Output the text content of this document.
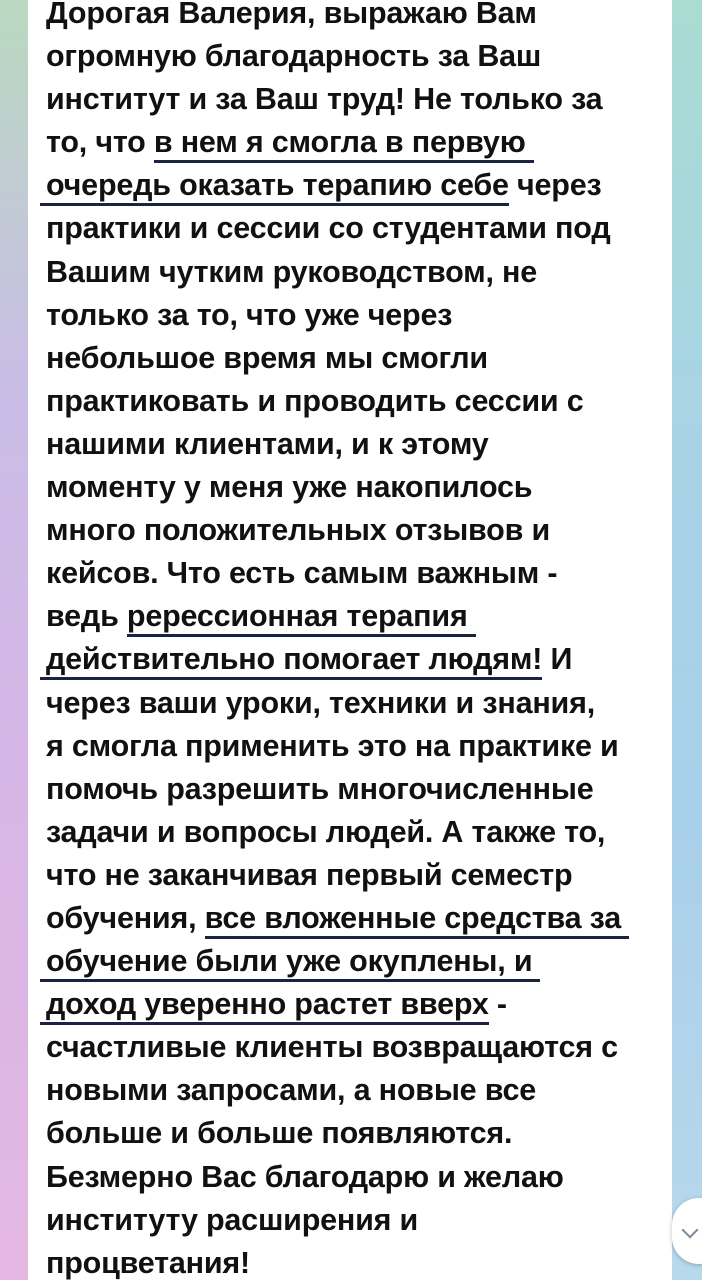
Дорогая Валерия, выражаю Вам
огромную благодарность за Ваш
институт и за Ваш труд! Не только за
то, что в нем я смогла в первую
очередь оказать терапию себе через
практики и сессии со студентами под
Вашим чутким руководством, не
только за то, что уже через
небольшое время мы смогли
практиковать и проводить сессии с
нашими клиентами, и к этому
моменту у меня уже накопилось
много положительных отзывов и
кейсов. Что есть самым важным -
ведь ререссионная терапия
действительно помогает людям! И
через ваши уроки, техники и знания,
я смогла применить это на практике и
помочь разрешить многочисленные
задачи и вопросы людей. А также то,
что не заканчивая первый семестр
обучения, все вложенные средства за
обучение были уже окуплены, и
доход уверенно растет вверх -
счастливые клиенты возвращаются с
новыми запросами, а новые все
больше и больше появляются.
Безмерно Вас благодарю и желаю
институту расширения и
процветания!
